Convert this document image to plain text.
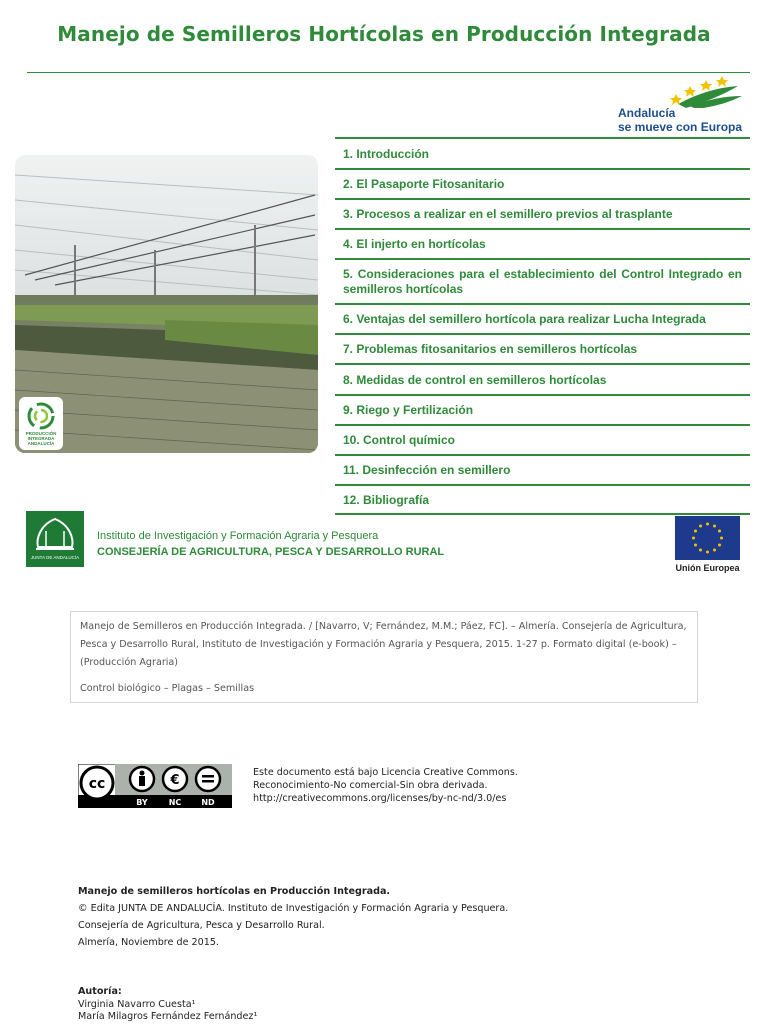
Manejo de Semilleros Hortícolas en Producción Integrada
Andalucía
se mueve con Europa
PRODUCCIÓN
INTEGRADA
ANDALUCÍA
1. Introducción
2. El Pasaporte Fitosanitario
3. Procesos a realizar en el semillero previos al trasplante
4. El injerto en hortícolas
5. Consideraciones para el establecimiento del Control Integrado en semilleros hortícolas
6. Ventajas del semillero hortícola para realizar Lucha Integrada
7. Problemas fitosanitarios en semilleros hortícolas
8. Medidas de control en semilleros hortícolas
9. Riego y Fertilización
10. Control químico
11. Desinfección en semillero
12. Bibliografía
JUNTA DE ANDALUCÍA
Instituto de Investigación y Formación Agraria y Pesquera
CONSEJERÍA DE AGRICULTURA, PESCA Y DESARROLLO RURAL
Unión Europea
Manejo de Semilleros en Producción Integrada. / [Navarro, V; Fernández, M.M.; Páez, FC]. – Almería. Consejería de Agricultura, Pesca y Desarrollo Rural, Instituto de Investigación y Formación Agraria y Pesquera, 2015. 1-27 p. Formato digital (e-book) – (Producción Agraria)
Control biológico – Plagas – Semillas
€
cc
BY	NC	ND
Este documento está bajo Licencia Creative Commons.
Reconocimiento-No comercial-Sin obra derivada.
http://creativecommons.org/licenses/by-nc-nd/3.0/es
Manejo de semilleros hortícolas en Producción Integrada.
© Edita JUNTA DE ANDALUCÍA. Instituto de Investigación y Formación Agraria y Pesquera.
Consejería de Agricultura, Pesca y Desarrollo Rural.
Almería, Noviembre de 2015.
Autoría:
Virginia Navarro Cuesta¹
María Milagros Fernández Fernández¹
